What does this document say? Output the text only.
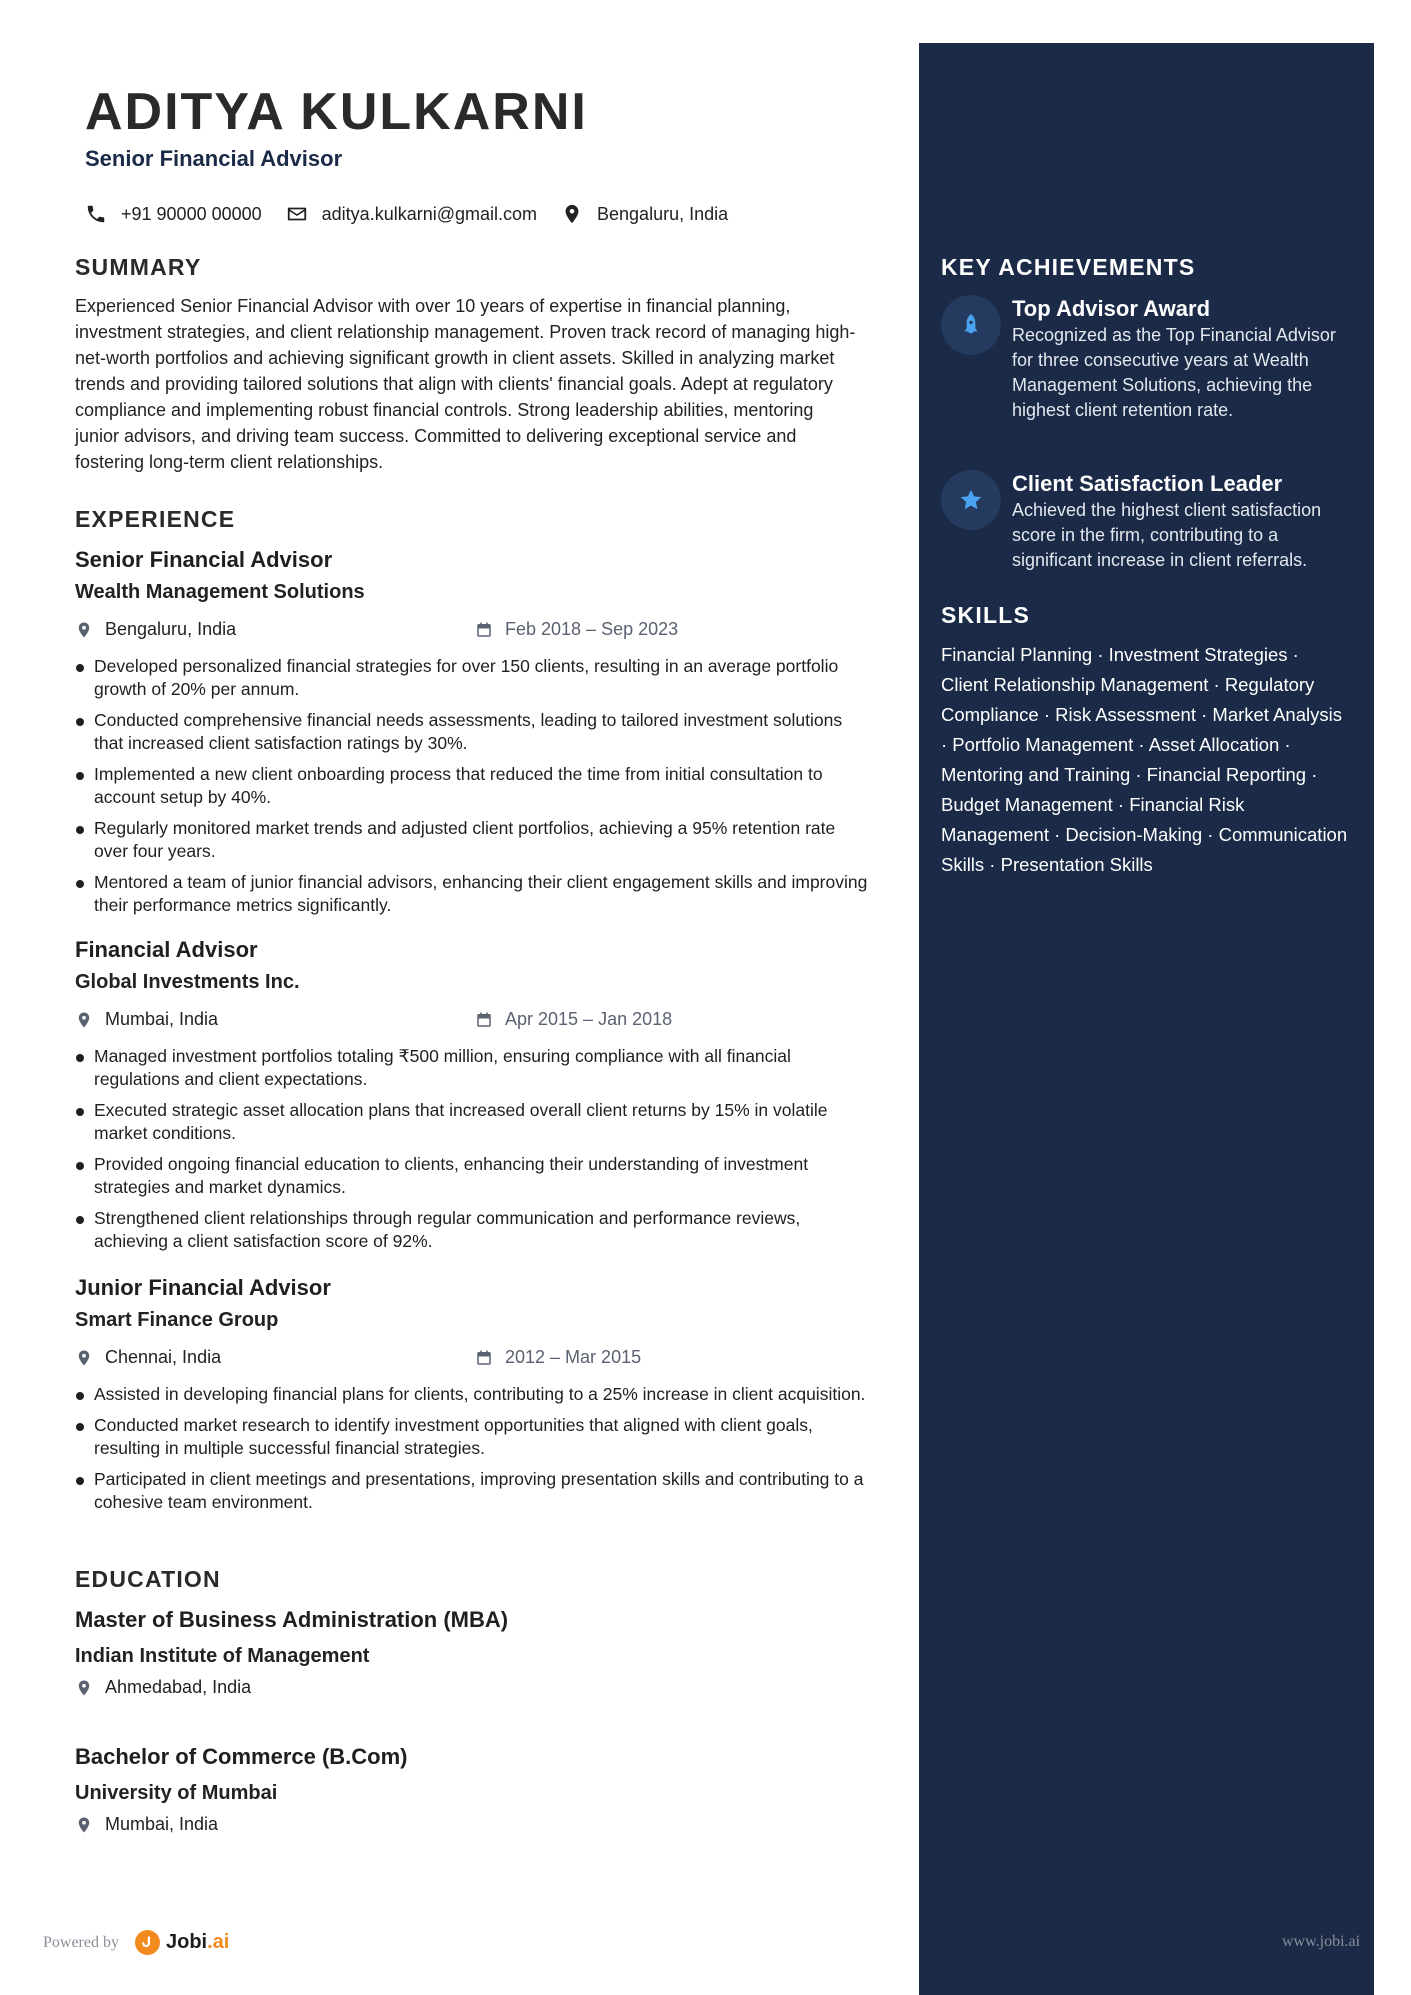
ADITYA KULKARNI

Senior Financial Advisor

+91 90000 00000	aditya.kulkarni@gmail.com	Bengaluru, India
SUMMARY

Experienced Senior Financial Advisor with over 10 years of expertise in financial planning, investment strategies, and client relationship management. Proven track record of managing high-net-worth portfolios and achieving significant growth in client assets. Skilled in analyzing market trends and providing tailored solutions that align with clients' financial goals. Adept at regulatory compliance and implementing robust financial controls. Strong leadership abilities, mentoring junior advisors, and driving team success. Committed to delivering exceptional service and fostering long-term client relationships.

EXPERIENCE

Senior Financial Advisor

Wealth Management Solutions

Bengaluru, India	Feb 2018 – Sep 2023
Developed personalized financial strategies for over 150 clients, resulting in an average portfolio growth of 20% per annum.
Conducted comprehensive financial needs assessments, leading to tailored investment solutions that increased client satisfaction ratings by 30%.
Implemented a new client onboarding process that reduced the time from initial consultation to account setup by 40%.
Regularly monitored market trends and adjusted client portfolios, achieving a 95% retention rate over four years.
Mentored a team of junior financial advisors, enhancing their client engagement skills and improving their performance metrics significantly.

Financial Advisor

Global Investments Inc.

Mumbai, India	Apr 2015 – Jan 2018
Managed investment portfolios totaling ₹500 million, ensuring compliance with all financial regulations and client expectations.
Executed strategic asset allocation plans that increased overall client returns by 15% in volatile market conditions.
Provided ongoing financial education to clients, enhancing their understanding of investment strategies and market dynamics.
Strengthened client relationships through regular communication and performance reviews, achieving a client satisfaction score of 92%.

Junior Financial Advisor

Smart Finance Group

Chennai, India	2012 – Mar 2015
Assisted in developing financial plans for clients, contributing to a 25% increase in client acquisition.
Conducted market research to identify investment opportunities that aligned with client goals, resulting in multiple successful financial strategies.
Participated in client meetings and presentations, improving presentation skills and contributing to a cohesive team environment.
EDUCATION

Master of Business Administration (MBA)

Indian Institute of Management

Ahmedabad, India

Bachelor of Commerce (B.Com)

University of Mumbai

Mumbai, India
KEY ACHIEVEMENTS

Top Advisor Award

Recognized as the Top Financial Advisor for three consecutive years at Wealth Management Solutions, achieving the highest client retention rate.

Client Satisfaction Leader

Achieved the highest client satisfaction score in the firm, contributing to a significant increase in client referrals.

SKILLS

Financial Planning · Investment Strategies · Client Relationship Management · Regulatory Compliance · Risk Assessment · Market Analysis · Portfolio Management · Asset Allocation · Mentoring and Training · Financial Reporting · Budget Management · Financial Risk Management · Decision-Making · Communication Skills · Presentation Skills

Powered by Jobi.ai	www.jobi.ai
